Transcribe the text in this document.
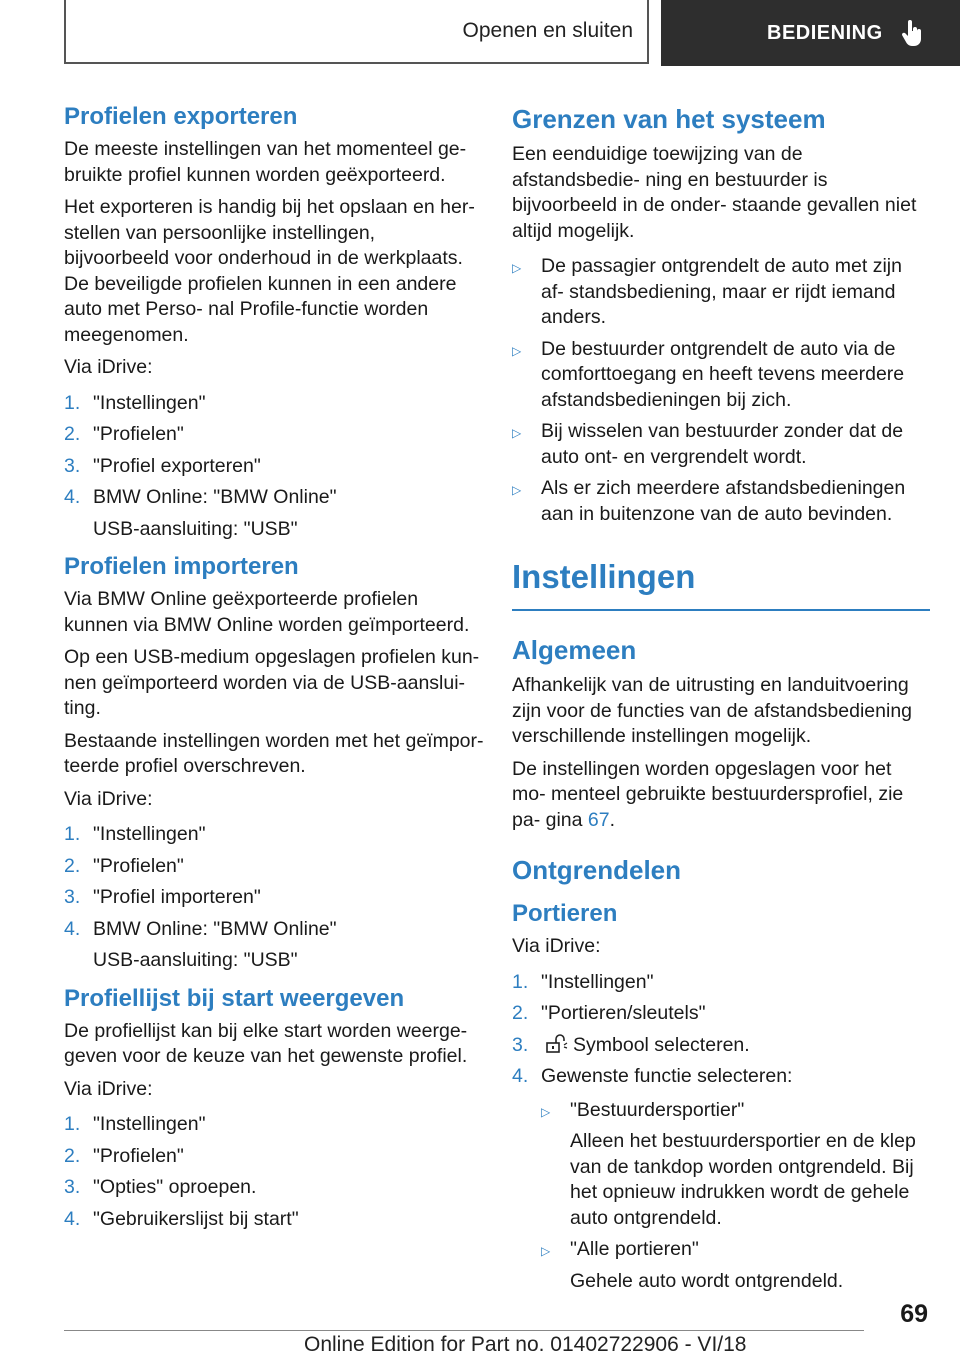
Openen en sluiten	BEDIENING
Profielen exporteren

De meeste instellingen van het momenteel ge- bruikte profiel kunnen worden geëxporteerd.

Het exporteren is handig bij het opslaan en her- stellen van persoonlijke instellingen, bijvoorbeeld voor onderhoud in de werkplaats. De beveiligde profielen kunnen in een andere auto met Perso- nal Profile-functie worden meegenomen.

Via iDrive:

1. "Instellingen"
2. "Profielen"
3. "Profiel exporteren"
4. BMW Online: "BMW Online"
USB-aansluiting: "USB"
Profielen importeren

Via BMW Online geëxporteerde profielen kunnen via BMW Online worden geïmporteerd.

Op een USB-medium opgeslagen profielen kun- nen geïmporteerd worden via de USB-aanslui- ting.

Bestaande instellingen worden met het geïmpor- teerde profiel overschreven.

Via iDrive:

1. "Instellingen"
2. "Profielen"
3. "Profiel importeren"
4. BMW Online: "BMW Online"
USB-aansluiting: "USB"
Profiellijst bij start weergeven

De profiellijst kan bij elke start worden weerge- geven voor de keuze van het gewenste profiel.

Via iDrive:

1. "Instellingen"
2. "Profielen"
3. "Opties" oproepen.
4. "Gebruikerslijst bij start"
Grenzen van het systeem

Een eenduidige toewijzing van de afstandsbedie- ning en bestuurder is bijvoorbeeld in de onder- staande gevallen niet altijd mogelijk.

▷	De passagier ontgrendelt de auto met zijn af- standsbediening, maar er rijdt iemand anders.
▷	De bestuurder ontgrendelt de auto via de comforttoegang en heeft tevens meerdere afstandsbedieningen bij zich.
▷	Bij wisselen van bestuurder zonder dat de auto ont- en vergrendelt wordt.
▷	Als er zich meerdere afstandsbedieningen aan in buitenzone van de auto bevinden.
Instellingen
Algemeen

Afhankelijk van de uitrusting en landuitvoering zijn voor de functies van de afstandsbediening verschillende instellingen mogelijk.

De instellingen worden opgeslagen voor het mo- menteel gebruikte bestuurdersprofiel, zie pa- gina 67.

Ontgrendelen
Portieren

Via iDrive:

1. "Instellingen"
2. "Portieren/sleutels"
3.	Symbool selecteren.
4. Gewenste functie selecteren:
▷	"Bestuurdersportier"
Alleen het bestuurdersportier en de klep van de tankdop worden ontgrendeld. Bij het opnieuw indrukken wordt de gehele auto ontgrendeld.
▷	"Alle portieren"
Gehele auto wordt ontgrendeld.
69
Online Edition for Part no. 01402722906 - VI/18
